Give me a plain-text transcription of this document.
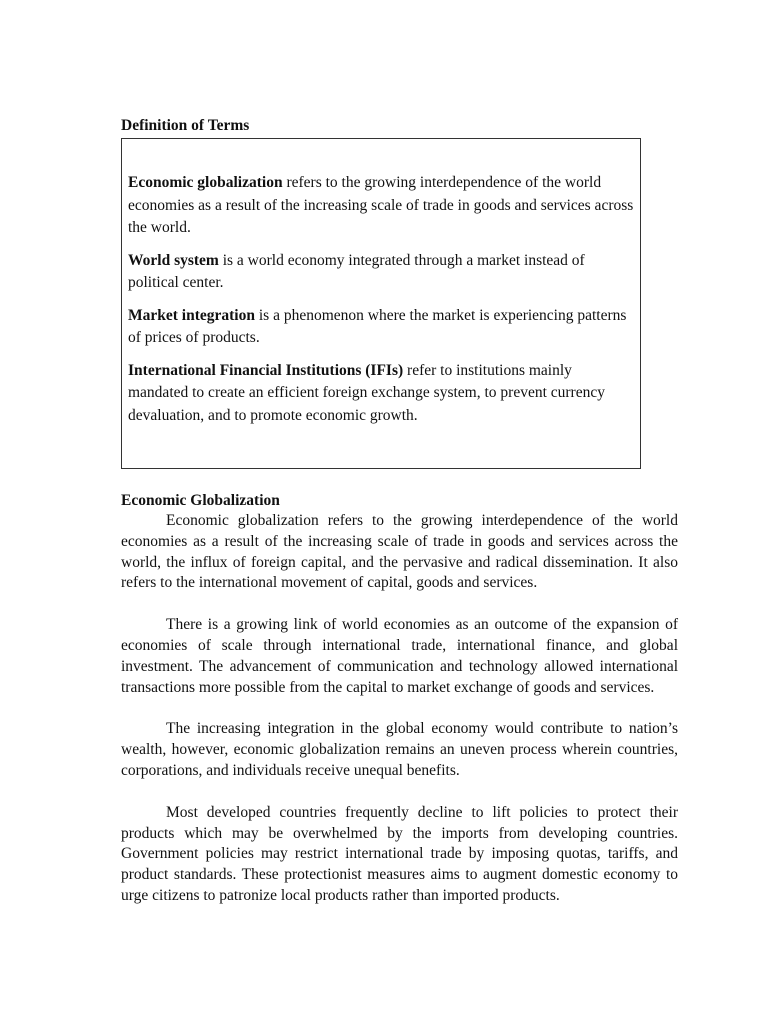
Definition of Terms

Economic globalization refers to the growing interdependence of the world economies as a result of the increasing scale of trade in goods and services across the world.

World system is a world economy integrated through a market instead of political center.

Market integration is a phenomenon where the market is experiencing patterns of prices of products.

International Financial Institutions (IFIs) refer to institutions mainly mandated to create an efficient foreign exchange system, to prevent currency devaluation, and to promote economic growth.

Economic Globalization

Economic globalization refers to the growing interdependence of the world economies as a result of the increasing scale of trade in goods and services across the world, the influx of foreign capital, and the pervasive and radical dissemination. It also refers to the international movement of capital, goods and services.

There is a growing link of world economies as an outcome of the expansion of economies of scale through international trade, international finance, and global investment. The advancement of communication and technology allowed international transactions more possible from the capital to market exchange of goods and services.

The increasing integration in the global economy would contribute to nation’s wealth, however, economic globalization remains an uneven process wherein countries, corporations, and individuals receive unequal benefits.

Most developed countries frequently decline to lift policies to protect their products which may be overwhelmed by the imports from developing countries. Government policies may restrict international trade by imposing quotas, tariffs, and product standards. These protectionist measures aims to augment domestic economy to urge citizens to patronize local products rather than imported products.
